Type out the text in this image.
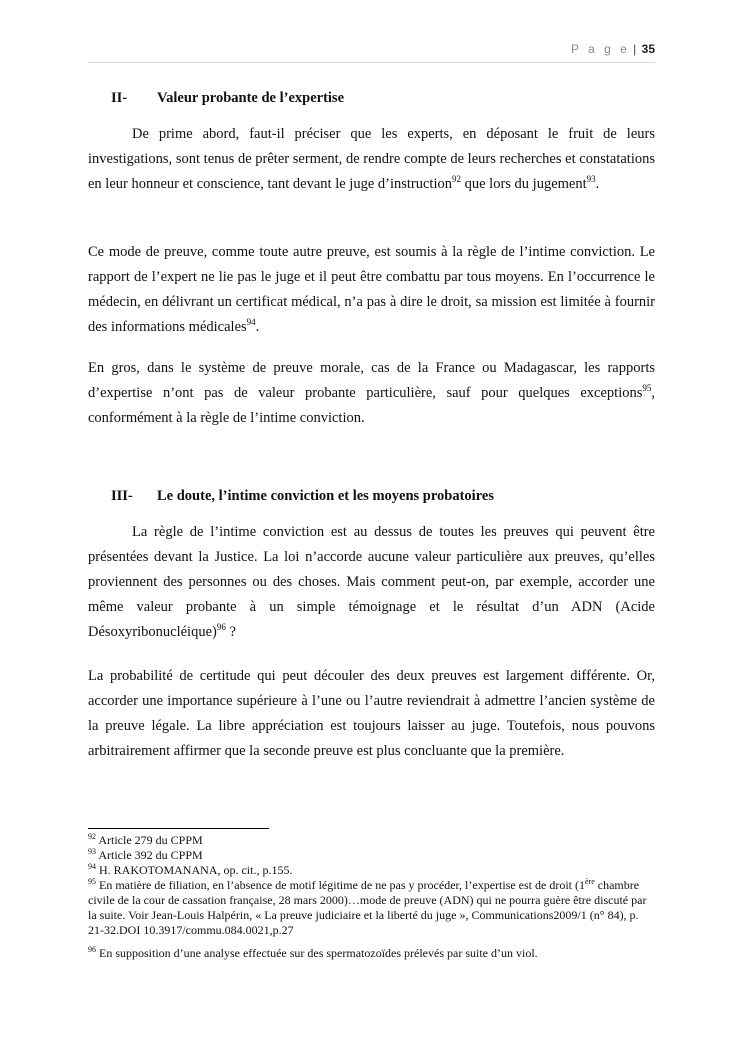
P a g e | 35
II- Valeur probante de l’expertise

De prime abord, faut-il préciser que les experts, en déposant le fruit de leurs investigations, sont tenus de prêter serment, de rendre compte de leurs recherches et constatations en leur honneur et conscience, tant devant le juge d’instruction$^{92}$ que lors du jugement$^{93}$.

Ce mode de preuve, comme toute autre preuve, est soumis à la règle de l’intime conviction. Le rapport de l’expert ne lie pas le juge et il peut être combattu par tous moyens. En l’occurrence le médecin, en délivrant un certificat médical, n’a pas à dire le droit, sa mission est limitée à fournir des informations médicales$^{94}$.

En gros, dans le système de preuve morale, cas de la France ou Madagascar, les rapports d’expertise n’ont pas de valeur probante particulière, sauf pour quelques exceptions$^{95}$, conformément à la règle de l’intime conviction.

III- Le doute, l’intime conviction et les moyens probatoires

La règle de l’intime conviction est au dessus de toutes les preuves qui peuvent être présentées devant la Justice. La loi n’accorde aucune valeur particulière aux preuves, qu’elles proviennent des personnes ou des choses. Mais comment peut-on, par exemple, accorder une même valeur probante à un simple témoignage et le résultat d’un ADN (Acide Désoxyribonucléique)$^{96}$ ?

La probabilité de certitude qui peut découler des deux preuves est largement différente. Or, accorder une importance supérieure à l’une ou l’autre reviendrait à admettre l’ancien système de la preuve légale. La libre appréciation est toujours laisser au juge. Toutefois, nous pouvons arbitrairement affirmer que la seconde preuve est plus concluante que la première.

$^{92}$ Article 279 du CPPM

$^{93}$ Article 392 du CPPM

$^{94}$ H. RAKOTOMANANA, op. cit., p.155.

$^{95}$ En matière de filiation, en l’absence de motif légitime de ne pas y procéder, l’expertise est de droit (1ère chambre civile de la cour de cassation française, 28 mars 2000)…mode de preuve (ADN) qui ne pourra guère être discuté par la suite. Voir Jean-Louis Halpérin, « La preuve judiciaire et la liberté du juge », Communications2009/1 (n° 84), p. 21-32.DOI 10.3917/commu.084.0021,p.27

$^{96}$ En supposition d’une analyse effectuée sur des spermatozoïdes prélevés par suite d’un viol.
